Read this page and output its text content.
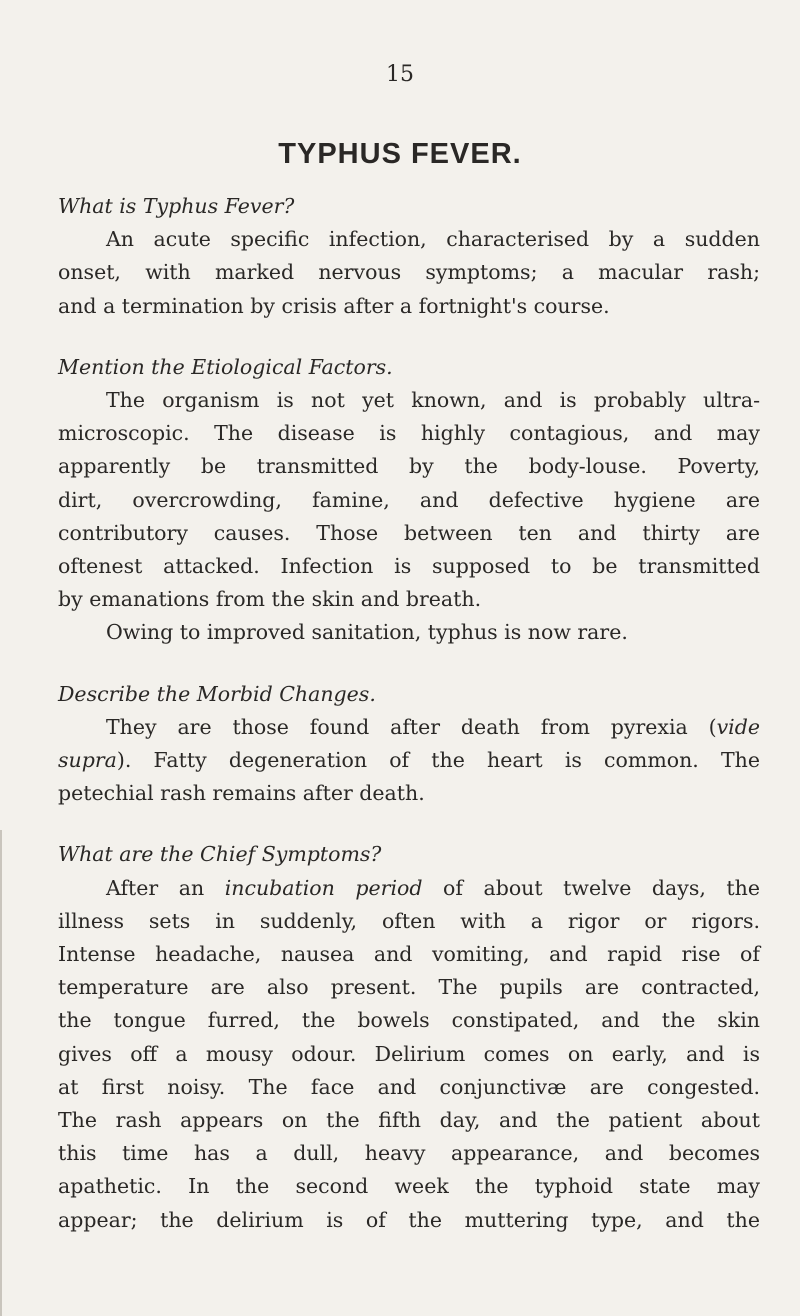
15
TYPHUS FEVER.

What is Typhus Fever?

An acute specific infection, characterised by a sudden
onset, with marked nervous symptoms; a macular rash;
and a termination by crisis after a fortnight's course.

Mention the Etiological Factors.

The organism is not yet known, and is probably ultra-
microscopic. The disease is highly contagious, and may
apparently be transmitted by the body-louse. Poverty,
dirt, overcrowding, famine, and defective hygiene are
contributory causes. Those between ten and thirty are
oftenest attacked. Infection is supposed to be transmitted
by emanations from the skin and breath.
Owing to improved sanitation, typhus is now rare.

Describe the Morbid Changes.

They are those found after death from pyrexia (vide
supra). Fatty degeneration of the heart is common. The
petechial rash remains after death.

What are the Chief Symptoms?

After an incubation period of about twelve days, the
illness sets in suddenly, often with a rigor or rigors.
Intense headache, nausea and vomiting, and rapid rise of
temperature are also present. The pupils are contracted,
the tongue furred, the bowels constipated, and the skin
gives off a mousy odour. Delirium comes on early, and is
at first noisy. The face and conjunctivæ are congested.
The rash appears on the fifth day, and the patient about
this time has a dull, heavy appearance, and becomes
apathetic. In the second week the typhoid state may
appear; the delirium is of the muttering type, and the
